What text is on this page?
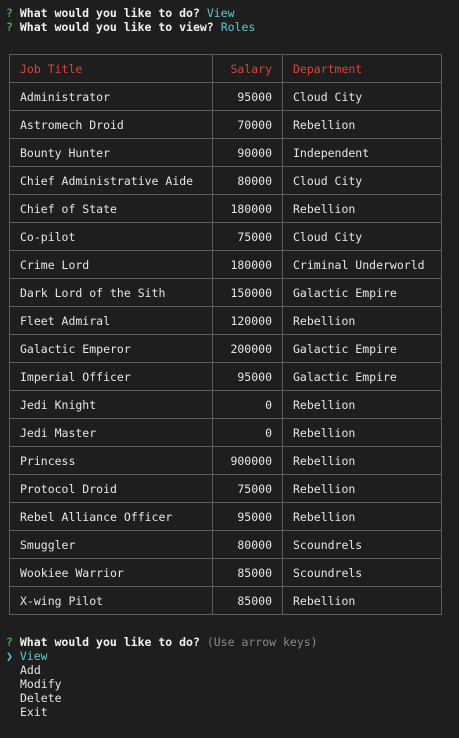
? What would you like to do? View
? What would you like to view? Roles
Job Title	Salary	Department
Administrator	95000	Cloud City
Astromech Droid	70000	Rebellion
Bounty Hunter	90000	Independent
Chief Administrative Aide	80000	Cloud City
Chief of State	180000	Rebellion
Co-pilot	75000	Cloud City
Crime Lord	180000	Criminal Underworld
Dark Lord of the Sith	150000	Galactic Empire
Fleet Admiral	120000	Rebellion
Galactic Emperor	200000	Galactic Empire
Imperial Officer	95000	Galactic Empire
Jedi Knight	0	Rebellion
Jedi Master	0	Rebellion
Princess	900000	Rebellion
Protocol Droid	75000	Rebellion
Rebel Alliance Officer	95000	Rebellion
Smuggler	80000	Scoundrels
Wookiee Warrior	85000	Scoundrels
X-wing Pilot	85000	Rebellion
? What would you like to do? (Use arrow keys)
❯ View
Add
Modify
Delete
Exit
